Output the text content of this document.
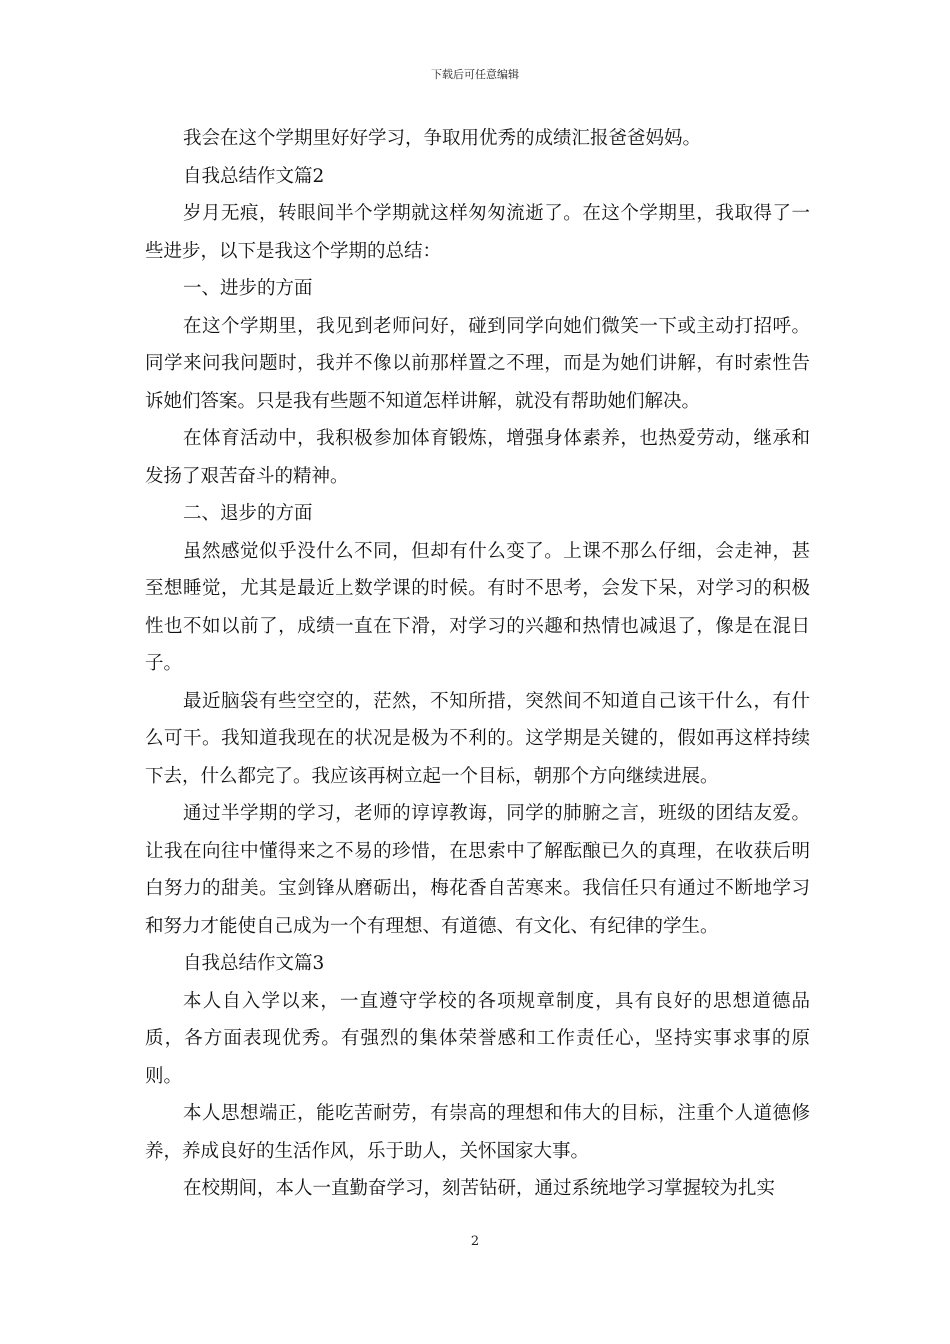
下载后可任意编辑

我会在这个学期里好好学习，争取用优秀的成绩汇报爸爸妈妈。

自我总结作文篇2

岁月无痕，转眼间半个学期就这样匆匆流逝了。在这个学期里，我取得了一些进步，以下是我这个学期的总结：

一、进步的方面

在这个学期里，我见到老师问好，碰到同学向她们微笑一下或主动打招呼。同学来问我问题时，我并不像以前那样置之不理，而是为她们讲解，有时索性告诉她们答案。只是我有些题不知道怎样讲解，就没有帮助她们解决。

在体育活动中，我积极参加体育锻炼，增强身体素养，也热爱劳动，继承和发扬了艰苦奋斗的精神。

二、退步的方面

虽然感觉似乎没什么不同，但却有什么变了。上课不那么仔细，会走神，甚至想睡觉，尤其是最近上数学课的时候。有时不思考，会发下呆，对学习的积极性也不如以前了，成绩一直在下滑，对学习的兴趣和热情也减退了，像是在混日子。

最近脑袋有些空空的，茫然，不知所措，突然间不知道自己该干什么，有什么可干。我知道我现在的状况是极为不利的。这学期是关键的，假如再这样持续下去，什么都完了。我应该再树立起一个目标，朝那个方向继续进展。

通过半学期的学习，老师的谆谆教诲，同学的肺腑之言，班级的团结友爱。让我在向往中懂得来之不易的珍惜，在思索中了解酝酿已久的真理，在收获后明白努力的甜美。宝剑锋从磨砺出，梅花香自苦寒来。我信任只有通过不断地学习和努力才能使自己成为一个有理想、有道德、有文化、有纪律的学生。

自我总结作文篇3

本人自入学以来，一直遵守学校的各项规章制度，具有良好的思想道德品质，各方面表现优秀。有强烈的集体荣誉感和工作责任心，坚持实事求事的原则。

本人思想端正，能吃苦耐劳，有崇高的理想和伟大的目标，注重个人道德修养，养成良好的生活作风，乐于助人，关怀国家大事。

在校期间，本人一直勤奋学习，刻苦钻研，通过系统地学习掌握较为扎实

2
